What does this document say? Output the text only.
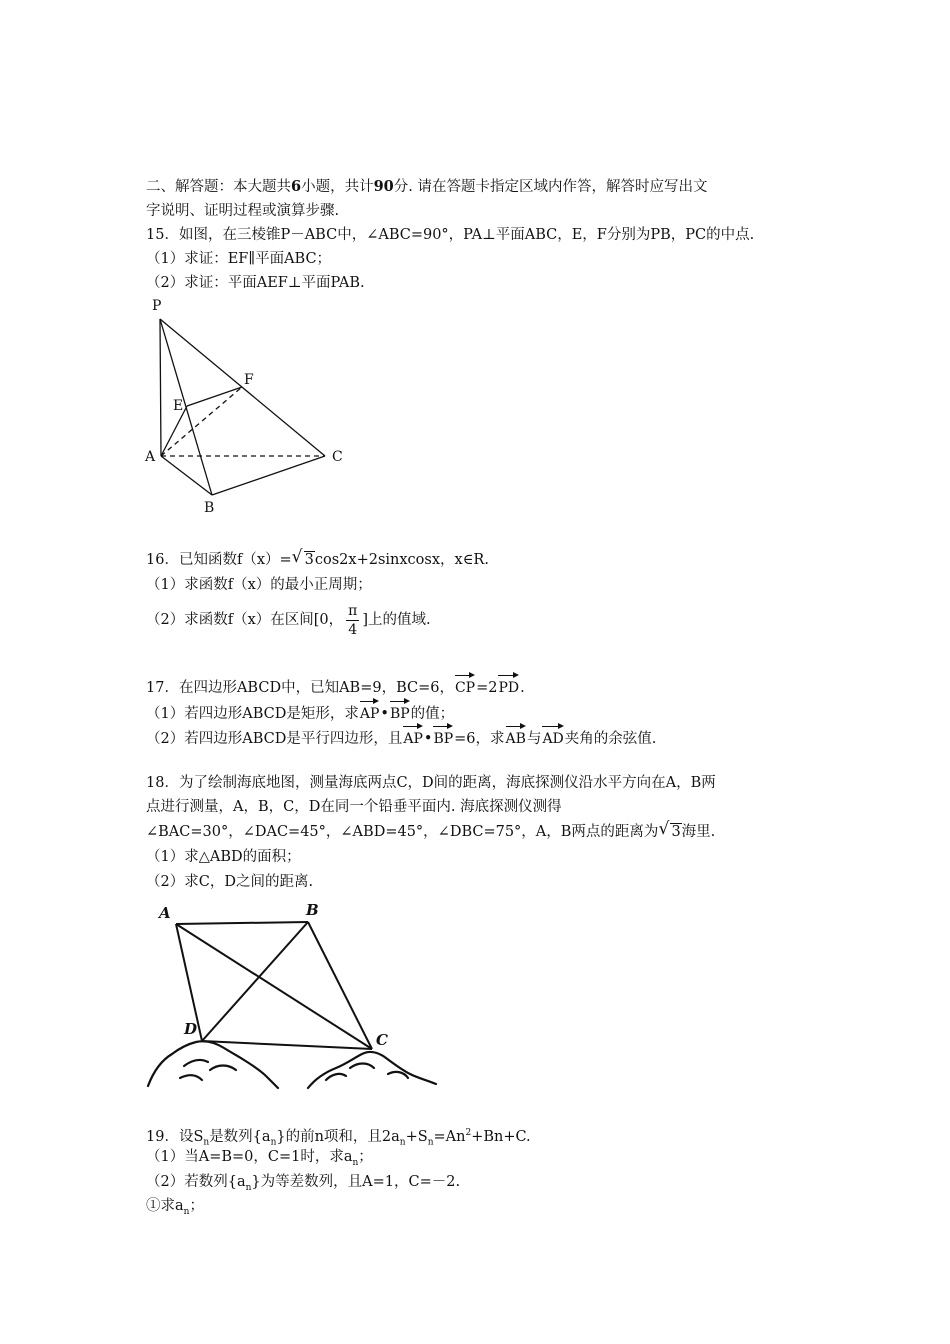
二、解答题：本大题共6小题，共计90分. 请在答题卡指定区域内作答，解答时应写出文
字说明、证明过程或演算步骤.
15．如图，在三棱锥P－ABC中，∠ABC=90°，PA⊥平面ABC，E，F分别为PB，PC的中点.
（1）求证：EF∥平面ABC；
（2）求证：平面AEF⊥平面PAB.
P
E
F
A	C
B
16．已知函数f（x）= √ 3cos2x+2sinxcosx，x∈R.
（1）求函数f（x）的最小正周期；
（2）求函数f（x）在区间[0， $\frac{\pi}{4}$ ]上的值域.
17．在四边形ABCD中，已知AB=9，BC=6，CP=2PD.
（1）若四边形ABCD是矩形，求AP•BP的值；
（2）若四边形ABCD是平行四边形，且AP•BP=6，求AB与AD夹角的余弦值.
18．为了绘制海底地图，测量海底两点C，D间的距离，海底探测仪沿水平方向在A，B两
点进行测量，A，B，C，D在同一个铅垂平面内. 海底探测仪测得
∠BAC=30°，∠DAC=45°，∠ABD=45°，∠DBC=75°，A，B两点的距离为 √ 3海里.
（1）求△ABD的面积；
（2）求C，D之间的距离.
A	B
D
C
19．设$S_n$是数列$\{a_n\}$的前n项和，且$2a_n+S_n=An^2+Bn+C$.
（1）当A=B=0，C=1时，求$a_n$；
（2）若数列$\{a_n\}$为等差数列，且A=1，C=－2.
①求$a_n$；
